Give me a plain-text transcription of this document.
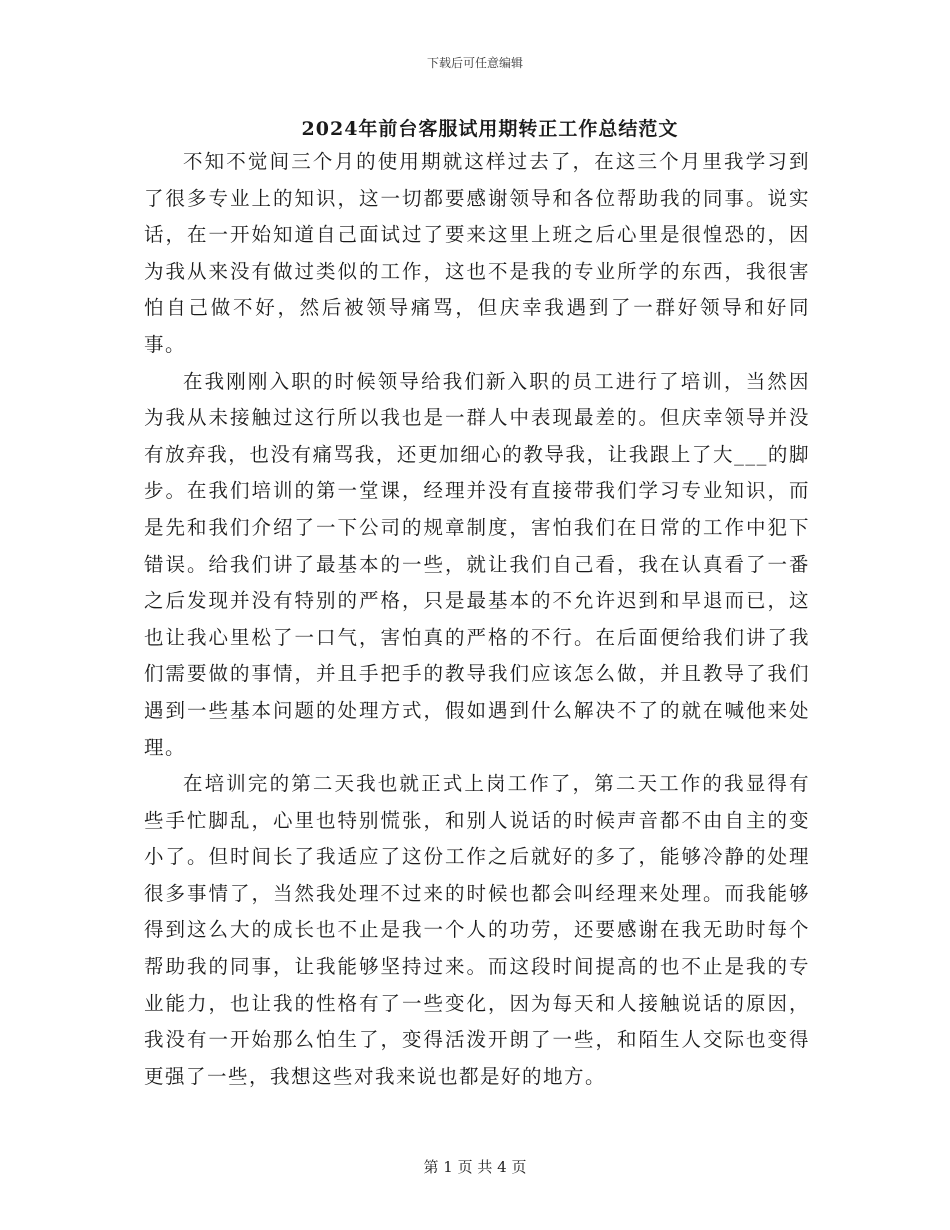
下载后可任意编辑
2024年前台客服试用期转正工作总结范文

不知不觉间三个月的使用期就这样过去了，在这三个月里我学习到了很多专业上的知识，这一切都要感谢领导和各位帮助我的同事。说实话，在一开始知道自己面试过了要来这里上班之后心里是很惶恐的，因为我从来没有做过类似的工作，这也不是我的专业所学的东西，我很害怕自己做不好，然后被领导痛骂，但庆幸我遇到了一群好领导和好同事。

在我刚刚入职的时候领导给我们新入职的员工进行了培训，当然因为我从未接触过这行所以我也是一群人中表现最差的。但庆幸领导并没有放弃我，也没有痛骂我，还更加细心的教导我，让我跟上了大___的脚步。在我们培训的第一堂课，经理并没有直接带我们学习专业知识，而是先和我们介绍了一下公司的规章制度，害怕我们在日常的工作中犯下错误。给我们讲了最基本的一些，就让我们自己看，我在认真看了一番之后发现并没有特别的严格，只是最基本的不允许迟到和早退而已，这也让我心里松了一口气，害怕真的严格的不行。在后面便给我们讲了我们需要做的事情，并且手把手的教导我们应该怎么做，并且教导了我们遇到一些基本问题的处理方式，假如遇到什么解决不了的就在喊他来处理。

在培训完的第二天我也就正式上岗工作了，第二天工作的我显得有些手忙脚乱，心里也特别慌张，和别人说话的时候声音都不由自主的变小了。但时间长了我适应了这份工作之后就好的多了，能够冷静的处理很多事情了，当然我处理不过来的时候也都会叫经理来处理。而我能够得到这么大的成长也不止是我一个人的功劳，还要感谢在我无助时每个帮助我的同事，让我能够坚持过来。而这段时间提高的也不止是我的专业能力，也让我的性格有了一些变化，因为每天和人接触说话的原因，我没有一开始那么怕生了，变得活泼开朗了一些，和陌生人交际也变得更强了一些，我想这些对我来说也都是好的地方。

第 1 页 共 4 页
